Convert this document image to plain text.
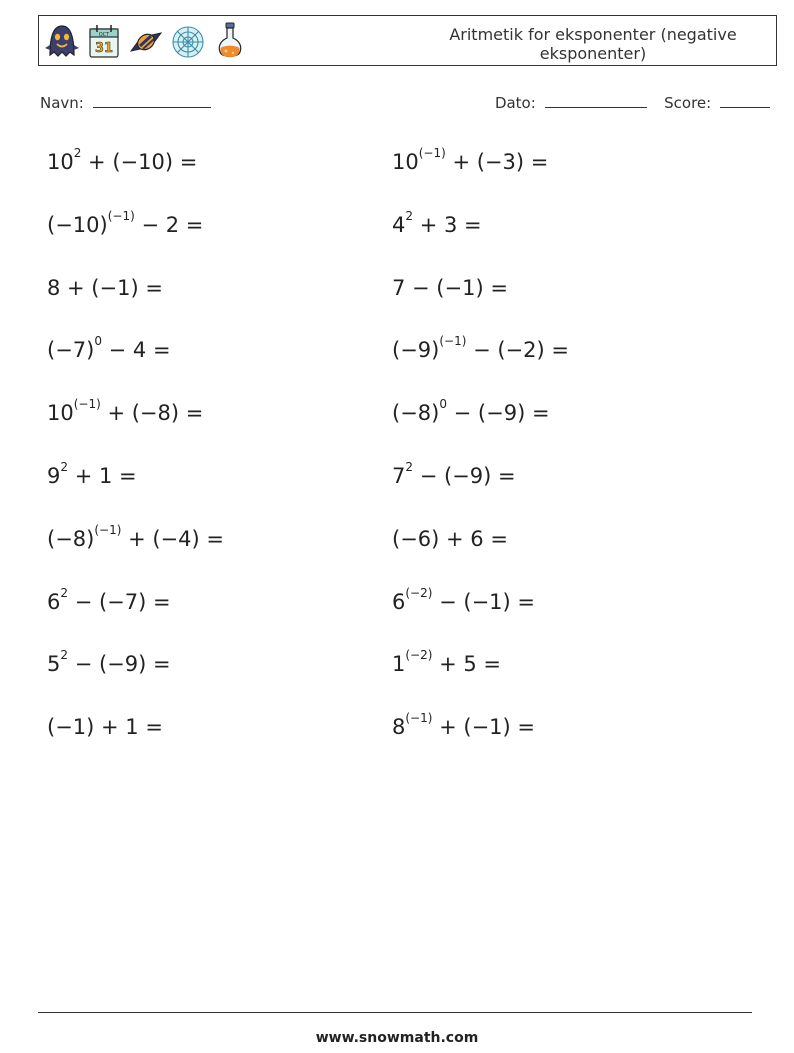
OCT
31
Aritmetik for eksponenter (negative eksponenter)
Navn:	Dato:	Score:
$10^2 + (-10)$ =	$10^{(-1)} + (-3)$ =
$(-10)^{(-1)} - 2$ =	$4^2 + 3$ =
8 + (−1) =	7 − (−1) =
$(-7)^0 - 4$ =	$(-9)^{(-1)} - (-2)$ =
$10^{(-1)} + (-8)$ =	$(-8)^0 - (-9)$ =
$9^2 + 1$ =	$7^2 - (-9)$ =
$(-8)^{(-1)} + (-4)$ =	(−6) + 6 =
$6^2 - (-7)$ =	$6^{(-2)} - (-1)$ =
$5^2 - (-9)$ =	$1^{(-2)} + 5$ =
(−1) + 1 =	$8^{(-1)} + (-1)$ =
www.snowmath.com
